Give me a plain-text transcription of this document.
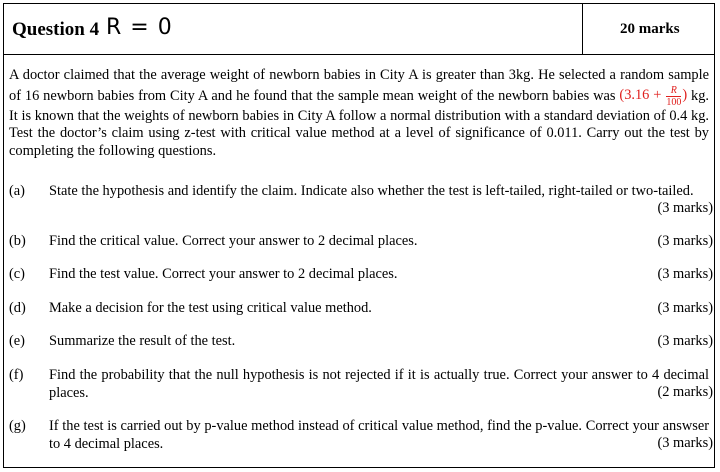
Question 4 R = 0	20 marks
A doctor claimed that the average weight of newborn babies in City A is greater than 3kg. He selected a random sample of 16 newborn babies from City A and he found that the sample mean weight of the newborn babies was ($3.16 + \frac{R}{100}$ ) kg. It is known that the weights of newborn babies in City A follow a normal distribution with a standard deviation of 0.4 kg. Test the doctor’s claim using z-test with critical value method at a level of significance of 0.011. Carry out the test by completing the following questions.
(a) State the hypothesis and identify the claim. Indicate also whether the test is left-tailed, right-tailed or two-tailed.
(3 marks)
(b) Find the critical value. Correct your answer to 2 decimal places.	(3 marks)
(c) Find the test value. Correct your answer to 2 decimal places.	(3 marks)
(d) Make a decision for the test using critical value method.	(3 marks)
(e) Summarize the result of the test.	(3 marks)
(f) Find the probability that the null hypothesis is not rejected if it is actually true. Correct your answer to 4 decimal places.	(2 marks)
(g) If the test is carried out by p-value method instead of critical value method, find the p-value. Correct your answser to 4 decimal places.	(3 marks)
